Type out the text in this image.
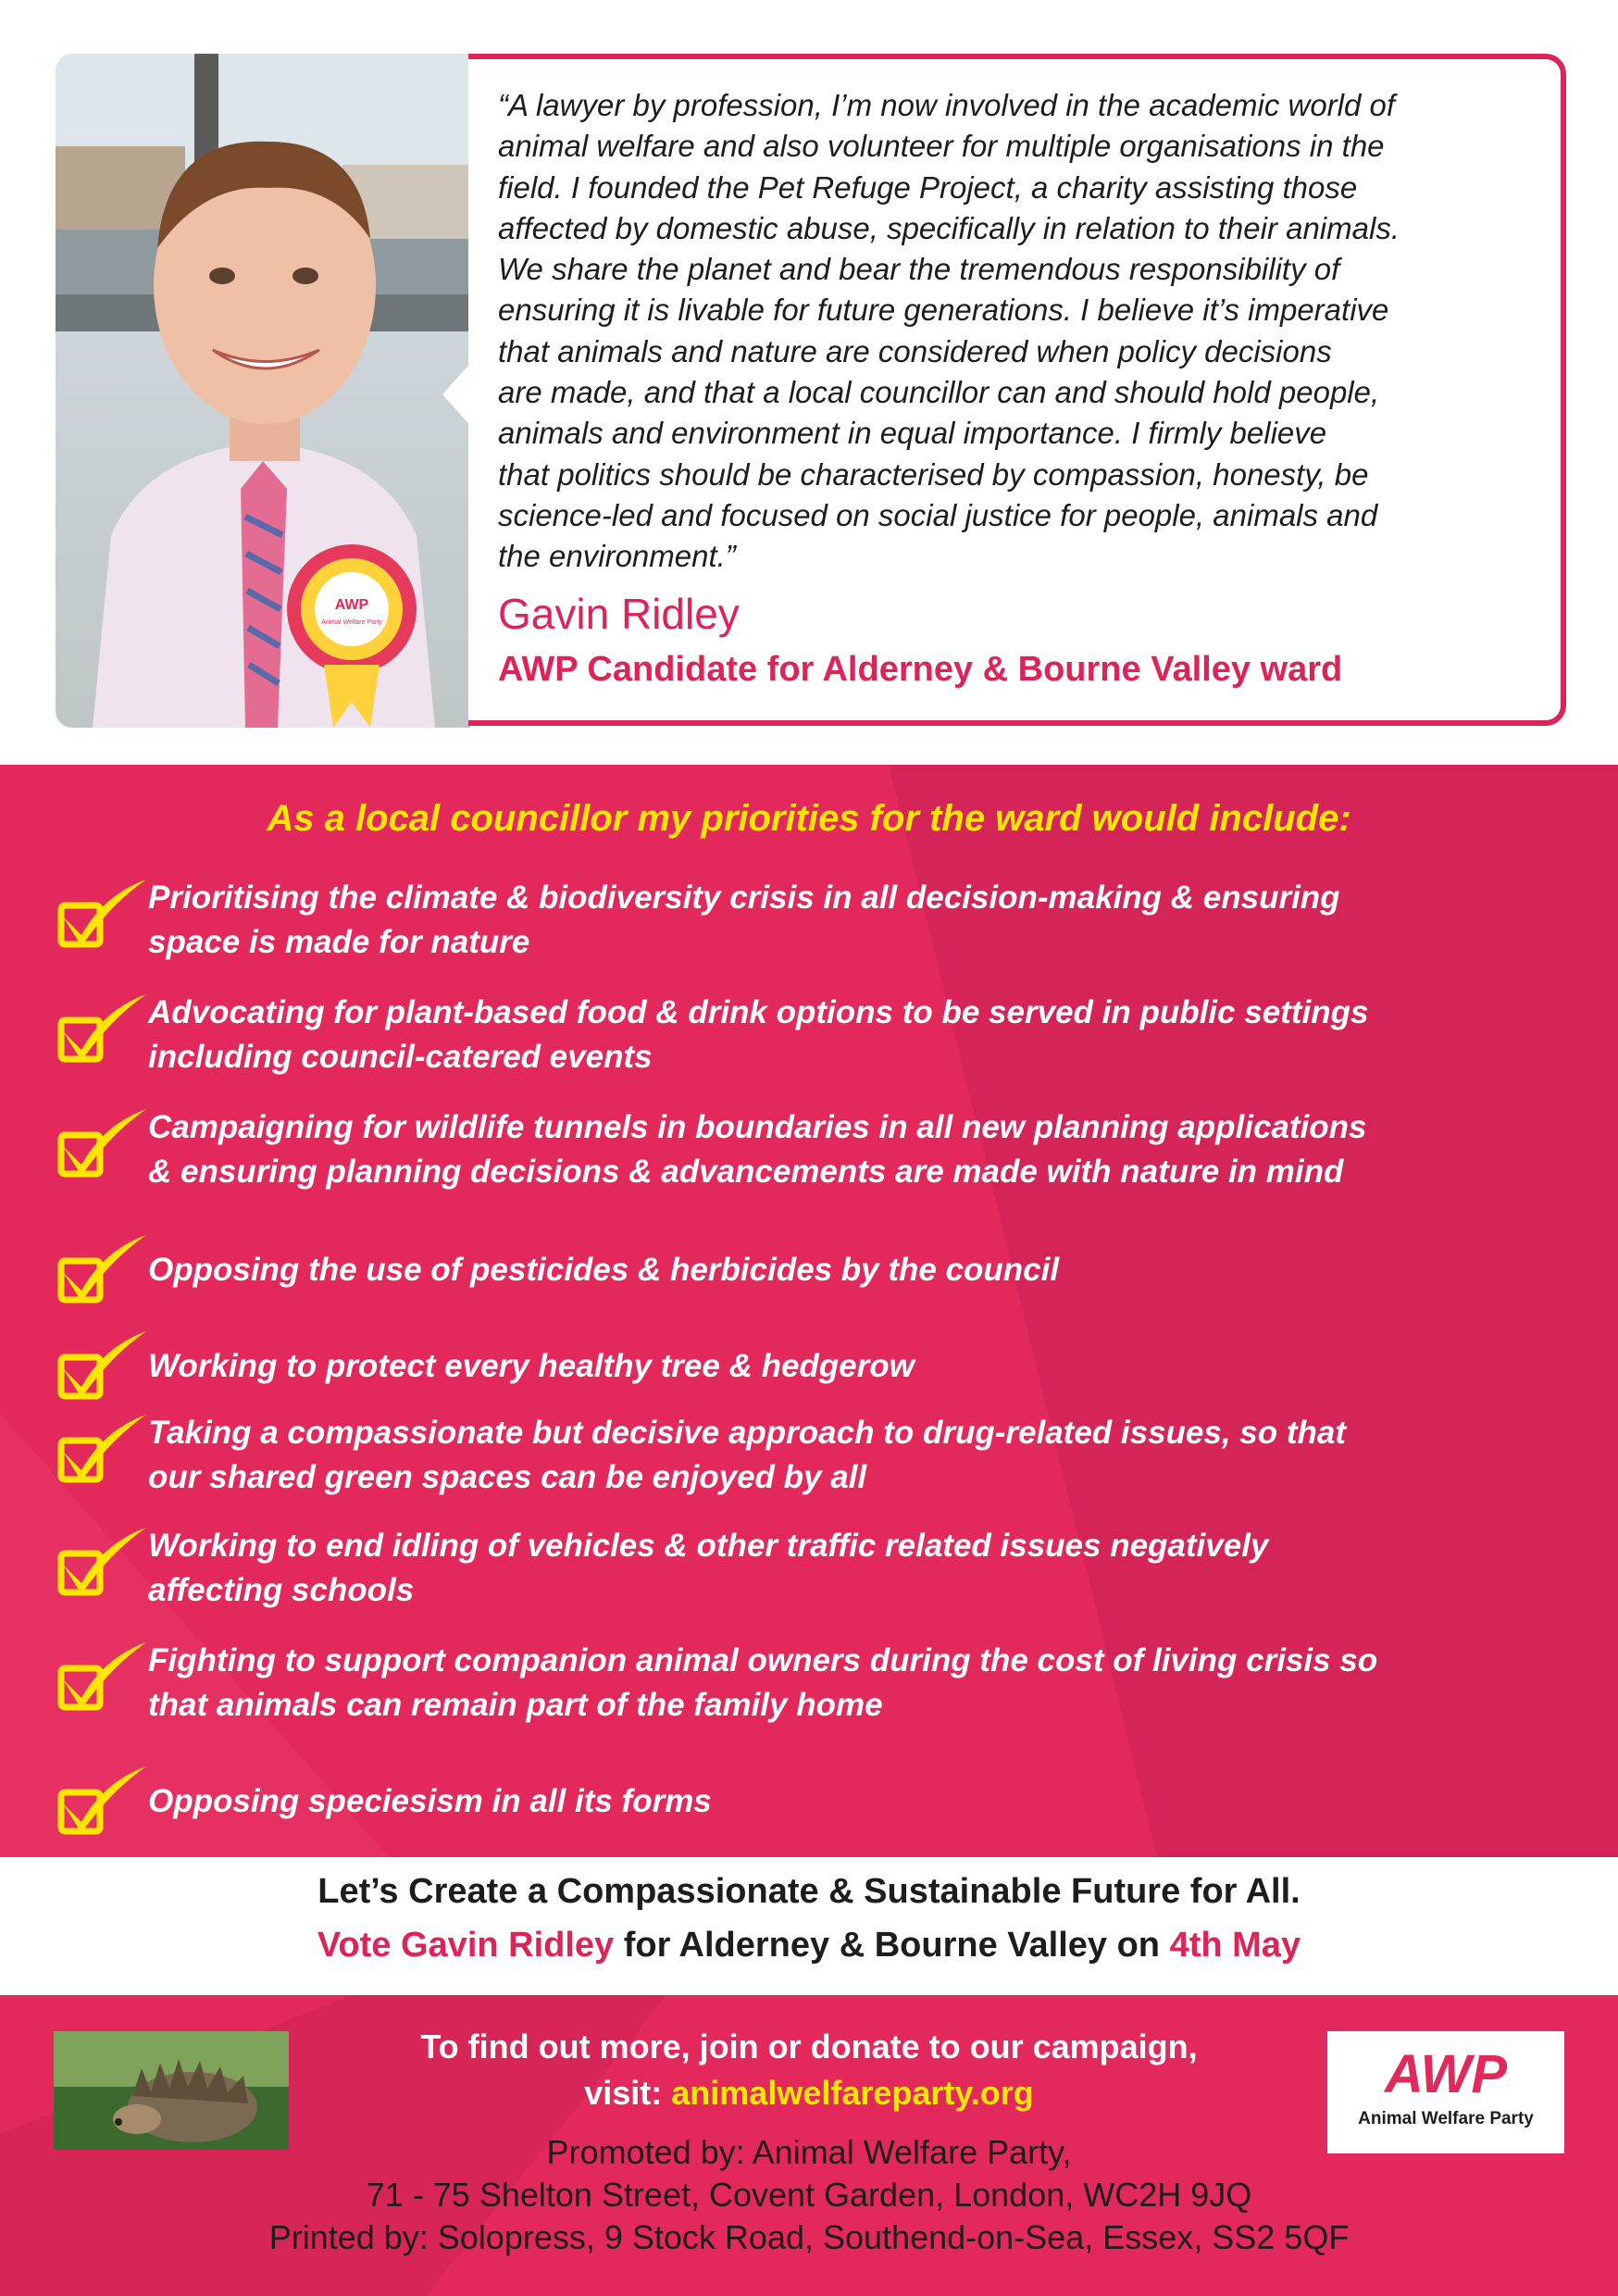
AWP
Animal Welfare Party

“A lawyer by profession, I’m now involved in the academic world of
animal welfare and also volunteer for multiple organisations in the
field. I founded the Pet Refuge Project, a charity assisting those
affected by domestic abuse, specifically in relation to their animals.
We share the planet and bear the tremendous responsibility of
ensuring it is livable for future generations. I believe it’s imperative
that animals and nature are considered when policy decisions
are made, and that a local councillor can and should hold people,
animals and environment in equal importance. I firmly believe
that politics should be characterised by compassion, honesty, be
science-led and focused on social justice for people, animals and
the environment.”

Gavin Ridley

AWP Candidate for Alderney & Bourne Valley ward

As a local councillor my priorities for the ward would include:

Prioritising the climate & biodiversity crisis in all decision-making & ensuring
space is made for nature

Advocating for plant-based food & drink options to be served in public settings
including council-catered events

Campaigning for wildlife tunnels in boundaries in all new planning applications
& ensuring planning decisions & advancements are made with nature in mind

Opposing the use of pesticides & herbicides by the council

Working to protect every healthy tree & hedgerow

Taking a compassionate but decisive approach to drug-related issues, so that
our shared green spaces can be enjoyed by all

Working to end idling of vehicles & other traffic related issues negatively
affecting schools

Fighting to support companion animal owners during the cost of living crisis so
that animals can remain part of the family home

Opposing speciesism in all its forms

Let’s Create a Compassionate & Sustainable Future for All.

Vote Gavin Ridley for Alderney & Bourne Valley on 4th May

To find out more, join or donate to our campaign,

visit: animalwelfareparty.org

Promoted by: Animal Welfare Party,

71 - 75 Shelton Street, Covent Garden, London, WC2H 9JQ

Printed by: Solopress, 9 Stock Road, Southend-on-Sea, Essex, SS2 5QF

AWP

Animal Welfare Party
